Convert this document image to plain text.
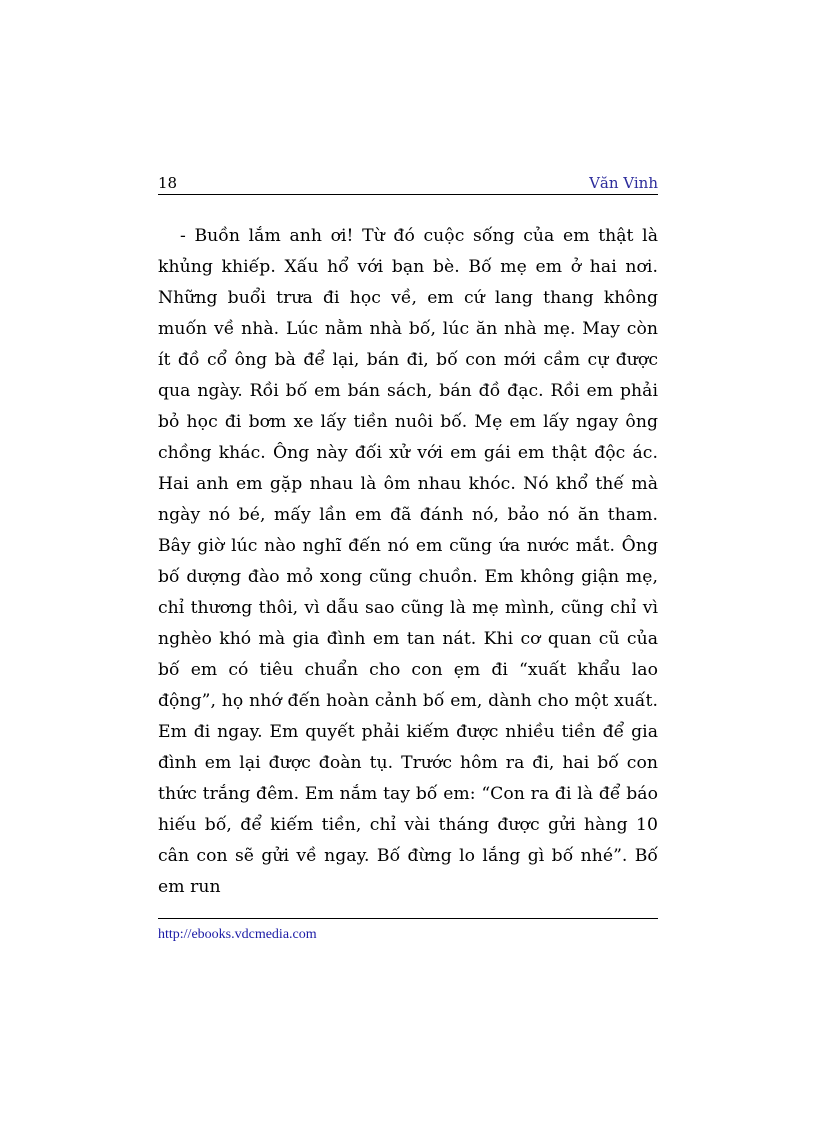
18	Văn Vinh

- Buồn lắm anh ơi! Từ đó cuộc sống của em thật là khủng khiếp. Xấu hổ với bạn bè. Bố mẹ em ở hai nơi. Những buổi trưa đi học về, em cứ lang thang không muốn về nhà. Lúc nằm nhà bố, lúc ăn nhà mẹ. May còn ít đồ cổ ông bà để lại, bán đi, bố con mới cầm cự được qua ngày. Rồi bố em bán sách, bán đồ đạc. Rồi em phải bỏ học đi bơm xe lấy tiền nuôi bố. Mẹ em lấy ngay ông chồng khác. Ông này đối xử với em gái em thật độc ác. Hai anh em gặp nhau là ôm nhau khóc. Nó khổ thế mà ngày nó bé, mấy lần em đã đánh nó, bảo nó ăn tham. Bây giờ lúc nào nghĩ đến nó em cũng ứa nước mắt. Ông bố dượng đào mỏ xong cũng chuồn. Em không giận mẹ, chỉ thương thôi, vì dẫu sao cũng là mẹ mình, cũng chỉ vì nghèo khó mà gia đình em tan nát. Khi cơ quan cũ của bố em có tiêu chuẩn cho con ẹm đi “xuất khẩu lao động”, họ nhớ đến hoàn cảnh bố em, dành cho một xuất. Em đi ngay. Em quyết phải kiếm được nhiều tiền để gia đình em lại được đoàn tụ. Trước hôm ra đi, hai bố con thức trắng đêm. Em nắm tay bố em: “Con ra đi là để báo hiếu bố, để kiếm tiền, chỉ vài tháng được gửi hàng 10 cân con sẽ gửi về ngay. Bố đừng lo lắng gì bố nhé”. Bố em run

http://ebooks.vdcmedia.com
